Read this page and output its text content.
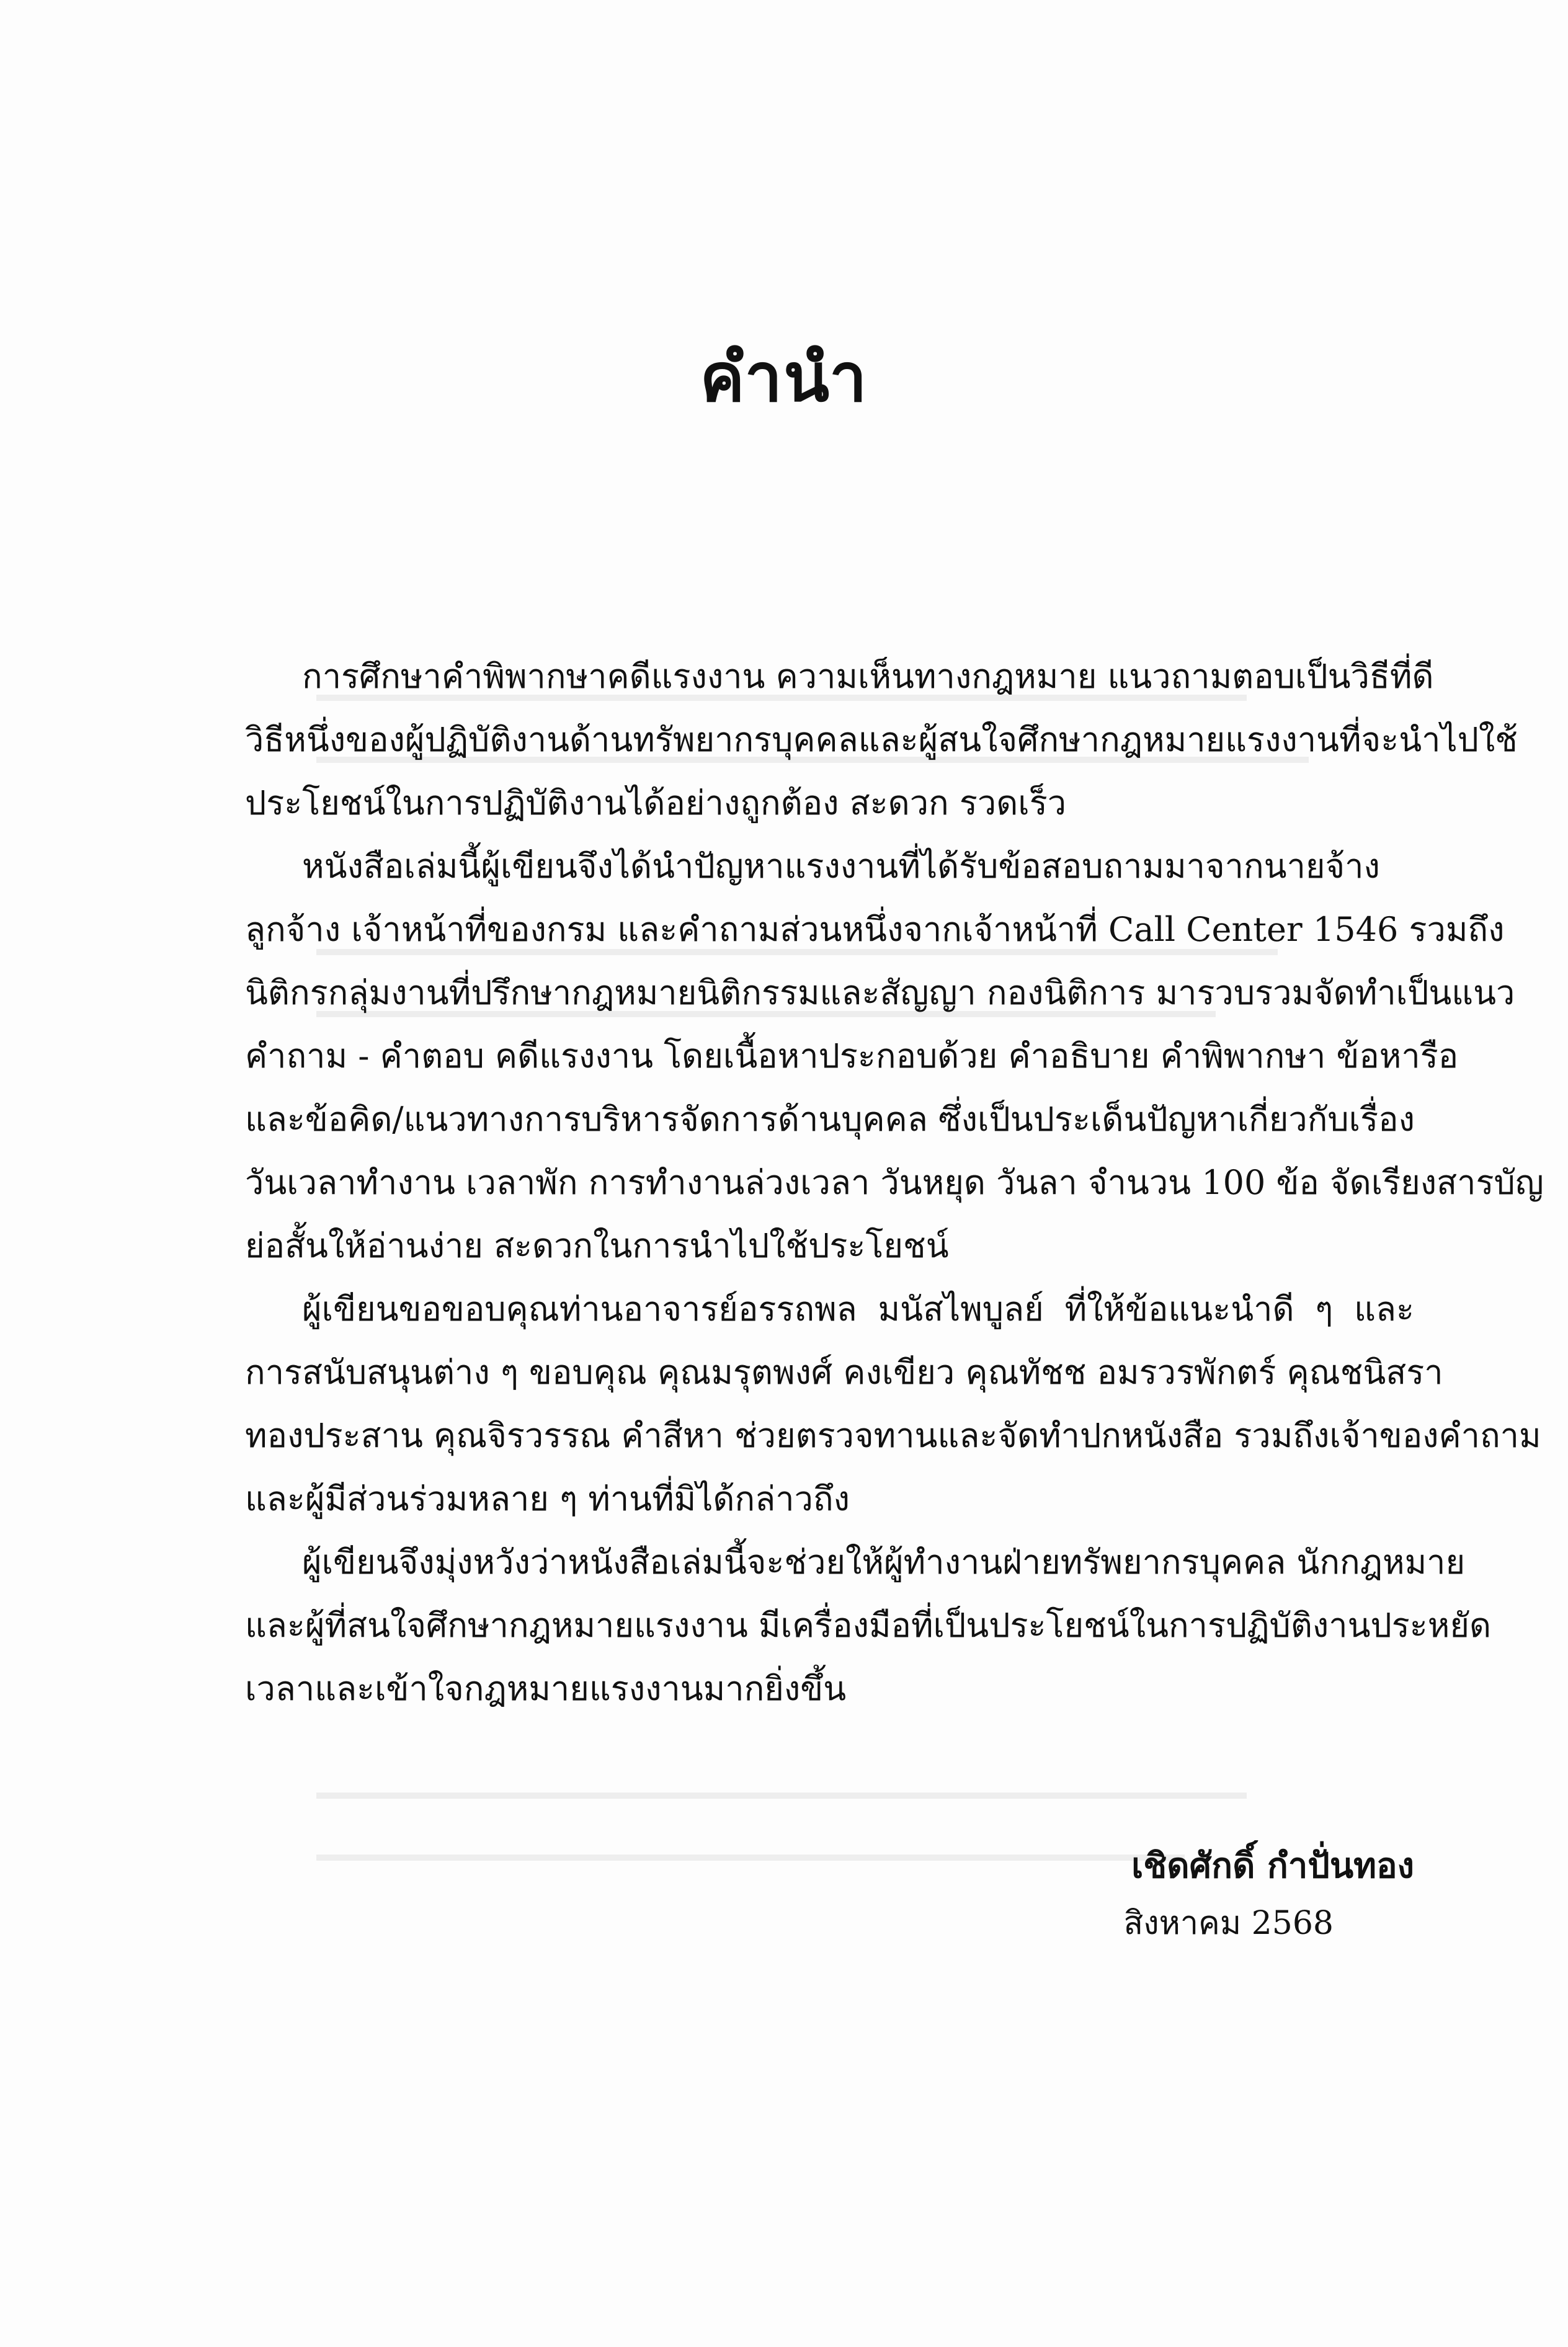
คำนำ
การศึกษาคำพิพากษาคดีแรงงาน ความเห็นทางกฎหมาย แนวถามตอบเป็นวิธีที่ดี
วิธีหนึ่งของผู้ปฏิบัติงานด้านทรัพยากรบุคคลและผู้สนใจศึกษากฎหมายแรงงานที่จะนำไปใช้
ประโยชน์ในการปฏิบัติงานได้อย่างถูกต้อง สะดวก รวดเร็ว
หนังสือเล่มนี้ผู้เขียนจึงได้นำปัญหาแรงงานที่ได้รับข้อสอบถามมาจากนายจ้าง
ลูกจ้าง เจ้าหน้าที่ของกรม และคำถามส่วนหนึ่งจากเจ้าหน้าที่ Call Center 1546 รวมถึง
นิติกรกลุ่มงานที่ปรึกษากฎหมายนิติกรรมและสัญญา กองนิติการ มารวบรวมจัดทำเป็นแนว
คำถาม - คำตอบ คดีแรงงาน โดยเนื้อหาประกอบด้วย คำอธิบาย คำพิพากษา ข้อหารือ
และข้อคิด/แนวทางการบริหารจัดการด้านบุคคล ซึ่งเป็นประเด็นปัญหาเกี่ยวกับเรื่อง
วันเวลาทำงาน เวลาพัก การทำงานล่วงเวลา วันหยุด วันลา จำนวน 100 ข้อ จัดเรียงสารบัญ
ย่อสั้นให้อ่านง่าย สะดวกในการนำไปใช้ประโยชน์
ผู้เขียนขอขอบคุณท่านอาจารย์อรรถพล มนัสไพบูลย์ ที่ให้ข้อแนะนำดี ๆ และ
การสนับสนุนต่าง ๆ ขอบคุณ คุณมรุตพงศ์ คงเขียว คุณทัชช อมรวรพักตร์ คุณชนิสรา
ทองประสาน คุณจิรวรรณ คำสีหา ช่วยตรวจทานและจัดทำปกหนังสือ รวมถึงเจ้าของคำถาม
และผู้มีส่วนร่วมหลาย ๆ ท่านที่มิได้กล่าวถึง
ผู้เขียนจึงมุ่งหวังว่าหนังสือเล่มนี้จะช่วยให้ผู้ทำงานฝ่ายทรัพยากรบุคคล นักกฎหมาย
และผู้ที่สนใจศึกษากฎหมายแรงงาน มีเครื่องมือที่เป็นประโยชน์ในการปฏิบัติงานประหยัด
เวลาและเข้าใจกฎหมายแรงงานมากยิ่งขึ้น
เชิดศักดิ์ กำปั่นทอง
สิงหาคม 2568
